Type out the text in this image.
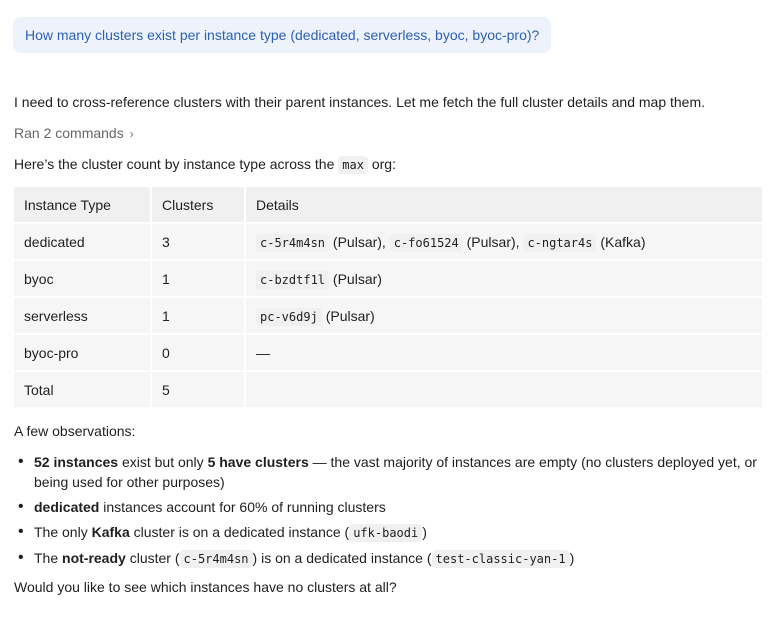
How many clusters exist per instance type (dedicated, serverless, byoc, byoc-pro)?
I need to cross-reference clusters with their parent instances. Let me fetch the full cluster details and map them.
Ran 2 commands ›
Here’s the cluster count by instance type across the max org:
Instance Type	Clusters	Details
dedicated	3	c-5r4m4sn (Pulsar), c-fo61524 (Pulsar), c-ngtar4s (Kafka)
byoc	1	c-bzdtf1l (Pulsar)
serverless	1	pc-v6d9j (Pulsar)
byoc-pro	0	—
Total	5	
A few observations:
• 52 instances exist but only 5 have clusters — the vast majority of instances are empty (no clusters deployed yet, or
being used for other purposes)
• dedicated instances account for 60% of running clusters
• The only Kafka cluster is on a dedicated instance ( ufk-baodi )
• The not-ready cluster ( c-5r4m4sn ) is on a dedicated instance ( test-classic-yan-1 )
Would you like to see which instances have no clusters at all?
